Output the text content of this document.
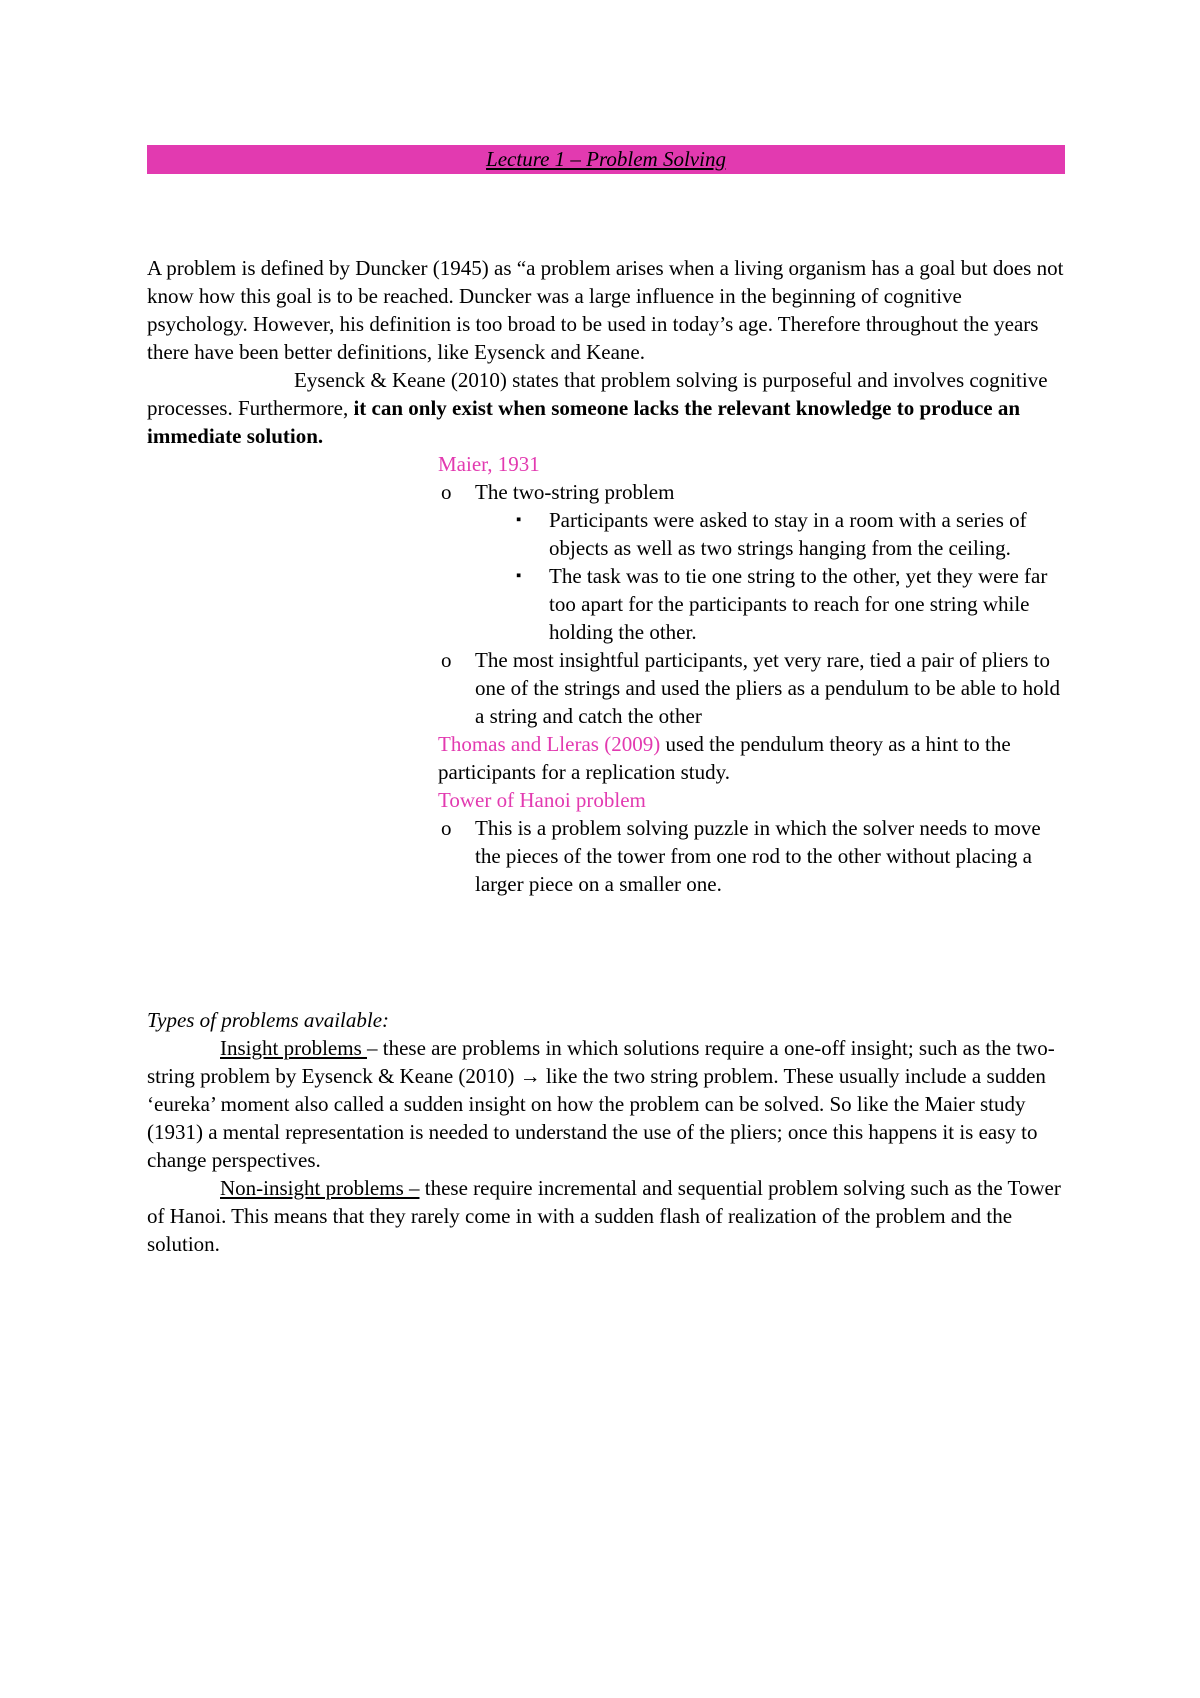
Lecture 1 – Problem Solving

A problem is defined by Duncker (1945) as “a problem arises when a living organism has a goal but does not know how this goal is to be reached. Duncker was a large influence in the beginning of cognitive psychology. However, his definition is too broad to be used in today’s age. Therefore throughout the years there have been better definitions, like Eysenck and Keane.

Eysenck & Keane (2010) states that problem solving is purposeful and involves cognitive processes. Furthermore, it can only exist when someone lacks the relevant knowledge to produce an immediate solution.

Maier, 1931

o The two-string problem
▪ Participants were asked to stay in a room with a series of objects as well as two strings hanging from the ceiling.
▪ The task was to tie one string to the other, yet they were far too apart for the participants to reach for one string while holding the other.
o The most insightful participants, yet very rare, tied a pair of pliers to one of the strings and used the pliers as a pendulum to be able to hold a string and catch the other

Thomas and Lleras (2009) used the pendulum theory as a hint to the participants for a replication study.

Tower of Hanoi problem

o This is a problem solving puzzle in which the solver needs to move the pieces of the tower from one rod to the other without placing a larger piece on a smaller one.

Types of problems available:

Insight problems – these are problems in which solutions require a one-off insight; such as the two-string problem by Eysenck & Keane (2010) → like the two string problem. These usually include a sudden ‘eureka’ moment also called a sudden insight on how the problem can be solved. So like the Maier study (1931) a mental representation is needed to understand the use of the pliers; once this happens it is easy to change perspectives.

Non-insight problems – these require incremental and sequential problem solving such as the Tower of Hanoi. This means that they rarely come in with a sudden flash of realization of the problem and the solution.
